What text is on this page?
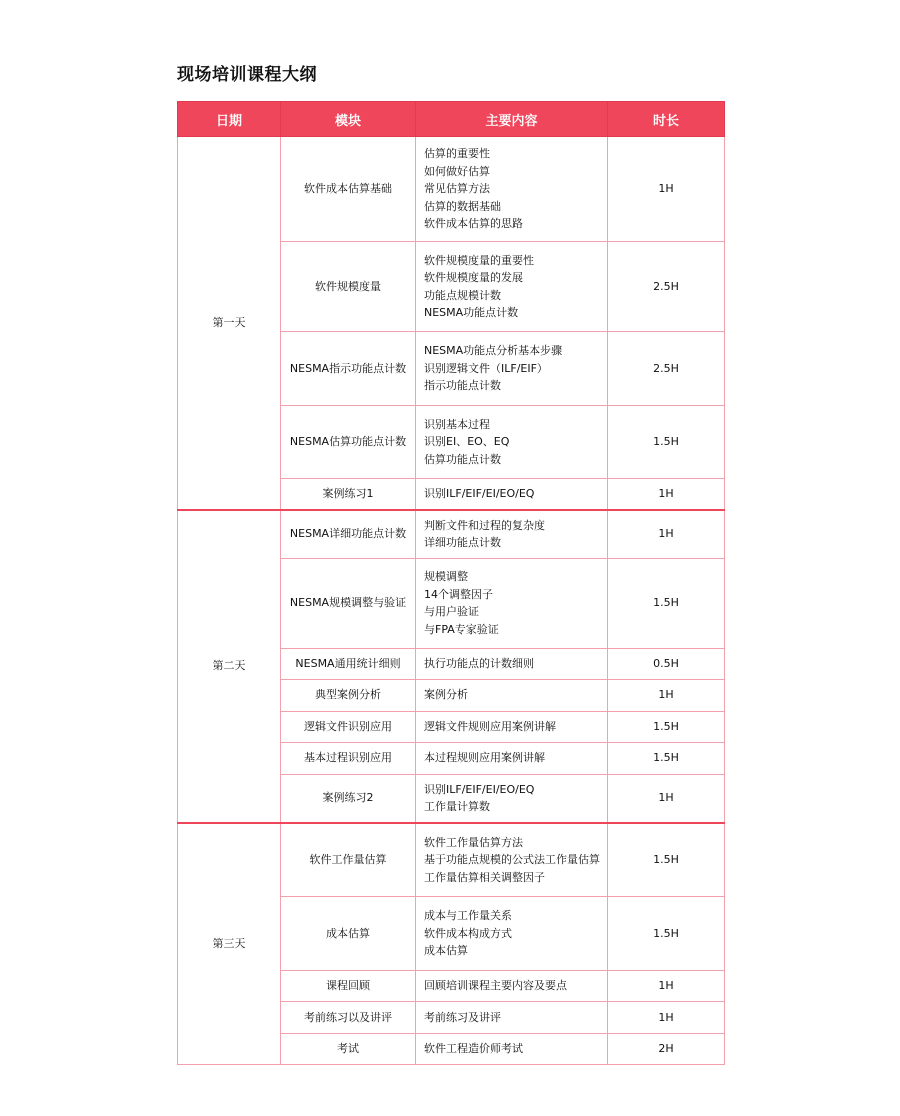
现场培训课程大纲
日期	模块	主要内容	时长
第一天	软件成本估算基础	估算的重要性
如何做好估算
常见估算方法
估算的数据基础
软件成本估算的思路	1H
	软件规模度量	软件规模度量的重要性
软件规模度量的发展
功能点规模计数
NESMA功能点计数	2.5H
	NESMA指示功能点计数	NESMA功能点分析基本步骤
识别逻辑文件（ILF/EIF）
指示功能点计数	2.5H
	NESMA估算功能点计数	识别基本过程
识别EI、EO、EQ
估算功能点计数	1.5H
	案例练习1	识别ILF/EIF/EI/EO/EQ	1H
第二天	NESMA详细功能点计数	判断文件和过程的复杂度
详细功能点计数	1H
	NESMA规模调整与验证	规模调整
14个调整因子
与用户验证
与FPA专家验证	1.5H
	NESMA通用统计细则	执行功能点的计数细则	0.5H
	典型案例分析	案例分析	1H
	逻辑文件识别应用	逻辑文件规则应用案例讲解	1.5H
	基本过程识别应用	本过程规则应用案例讲解	1.5H
	案例练习2	识别ILF/EIF/EI/EO/EQ
工作量计算数	1H
第三天	软件工作量估算	软件工作量估算方法
基于功能点规模的公式法工作量估算
工作量估算相关调整因子	1.5H
	成本估算	成本与工作量关系
软件成本构成方式
成本估算	1.5H
	课程回顾	回顾培训课程主要内容及要点	1H
	考前练习以及讲评	考前练习及讲评	1H
	考试	软件工程造价师考试	2H
